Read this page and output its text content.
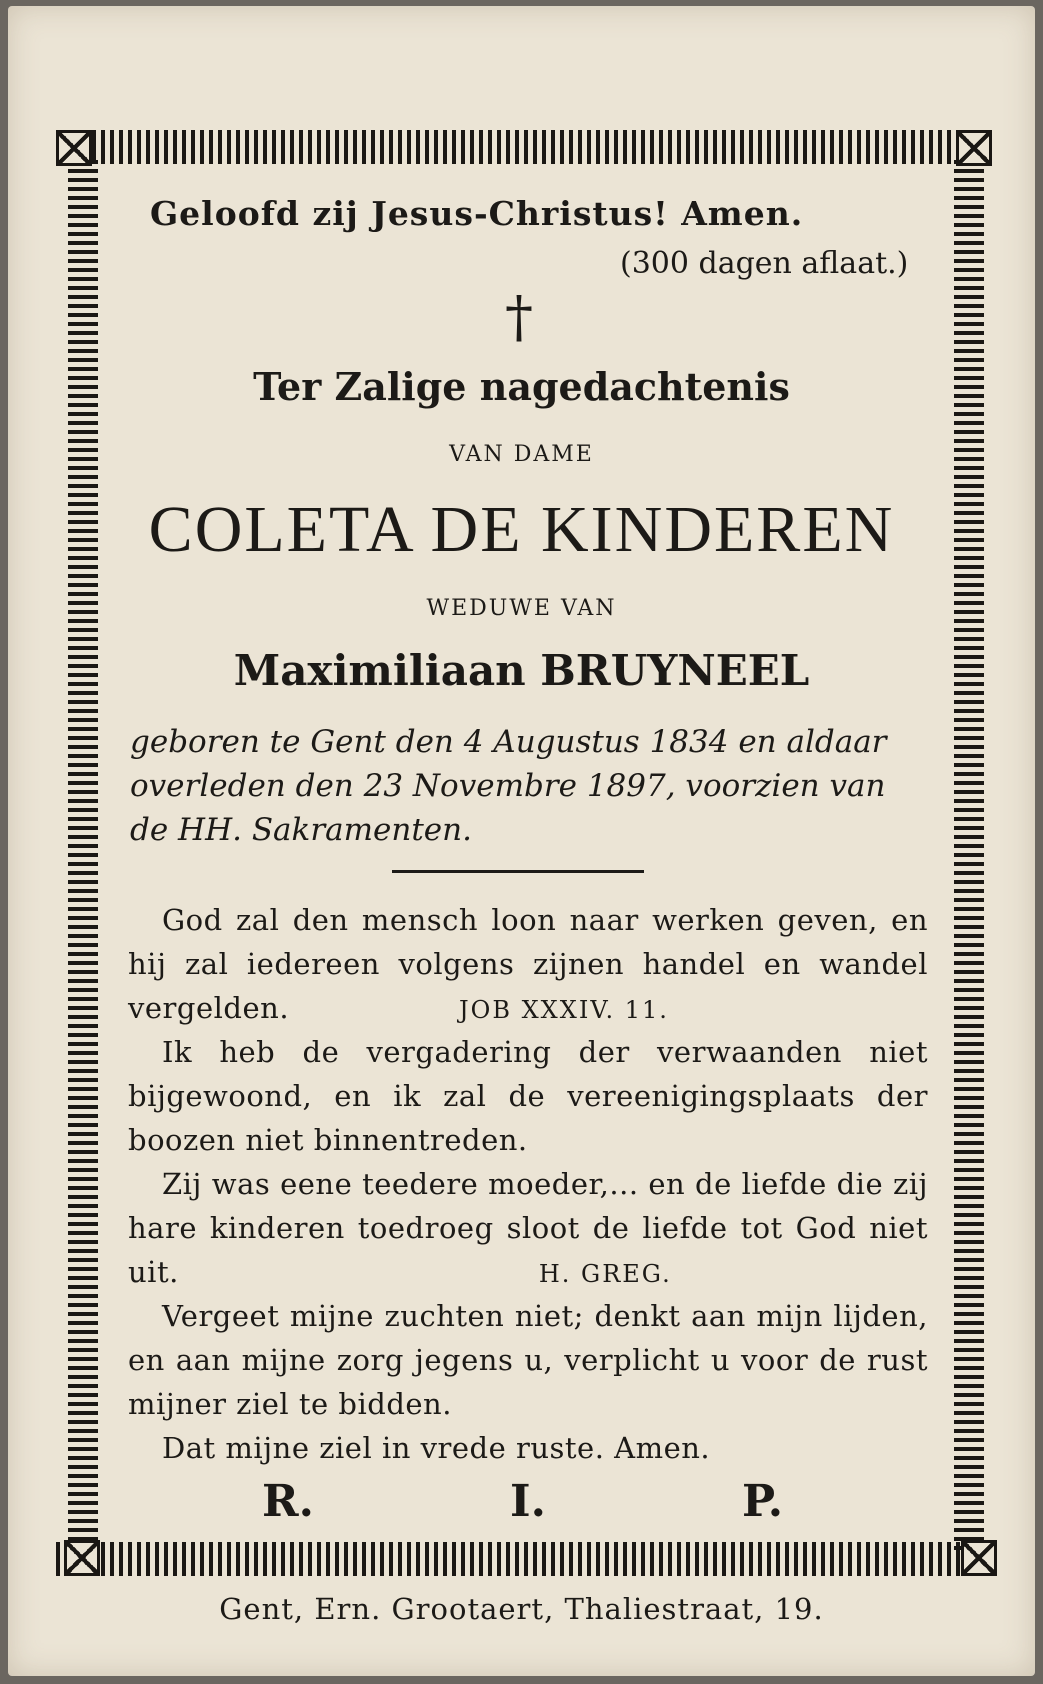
Geloofd zij Jesus-Christus! Amen.
(300 dagen aflaat.)
†
Ter Zalige nagedachtenis
VAN DAME
COLETA DE KINDEREN
WEDUWE VAN
Maximiliaan BRUYNEEL
geboren te Gent den 4 Augustus 1834 en aldaar overleden den 23 Novembre 1897, voorzien van de HH. Sakramenten.
God zal den mensch loon naar werken geven, en hij zal iedereen volgens zijnen handel en wandel vergelden.	JOB XXXIV. 11.
Ik heb de vergadering der verwaanden niet bijgewoond, en ik zal de vereenigingsplaats der boozen niet binnentreden.
Zij was eene teedere moeder,... en de liefde die zij hare kinderen toedroeg sloot de liefde tot God niet uit.	H. GREG.
Vergeet mijne zuchten niet; denkt aan mijn lijden, en aan mijne zorg jegens u, verplicht u voor de rust mijner ziel te bidden.
Dat mijne ziel in vrede ruste. Amen.
R.	I.	P.
Gent, Ern. Grootaert, Thaliestraat, 19.
